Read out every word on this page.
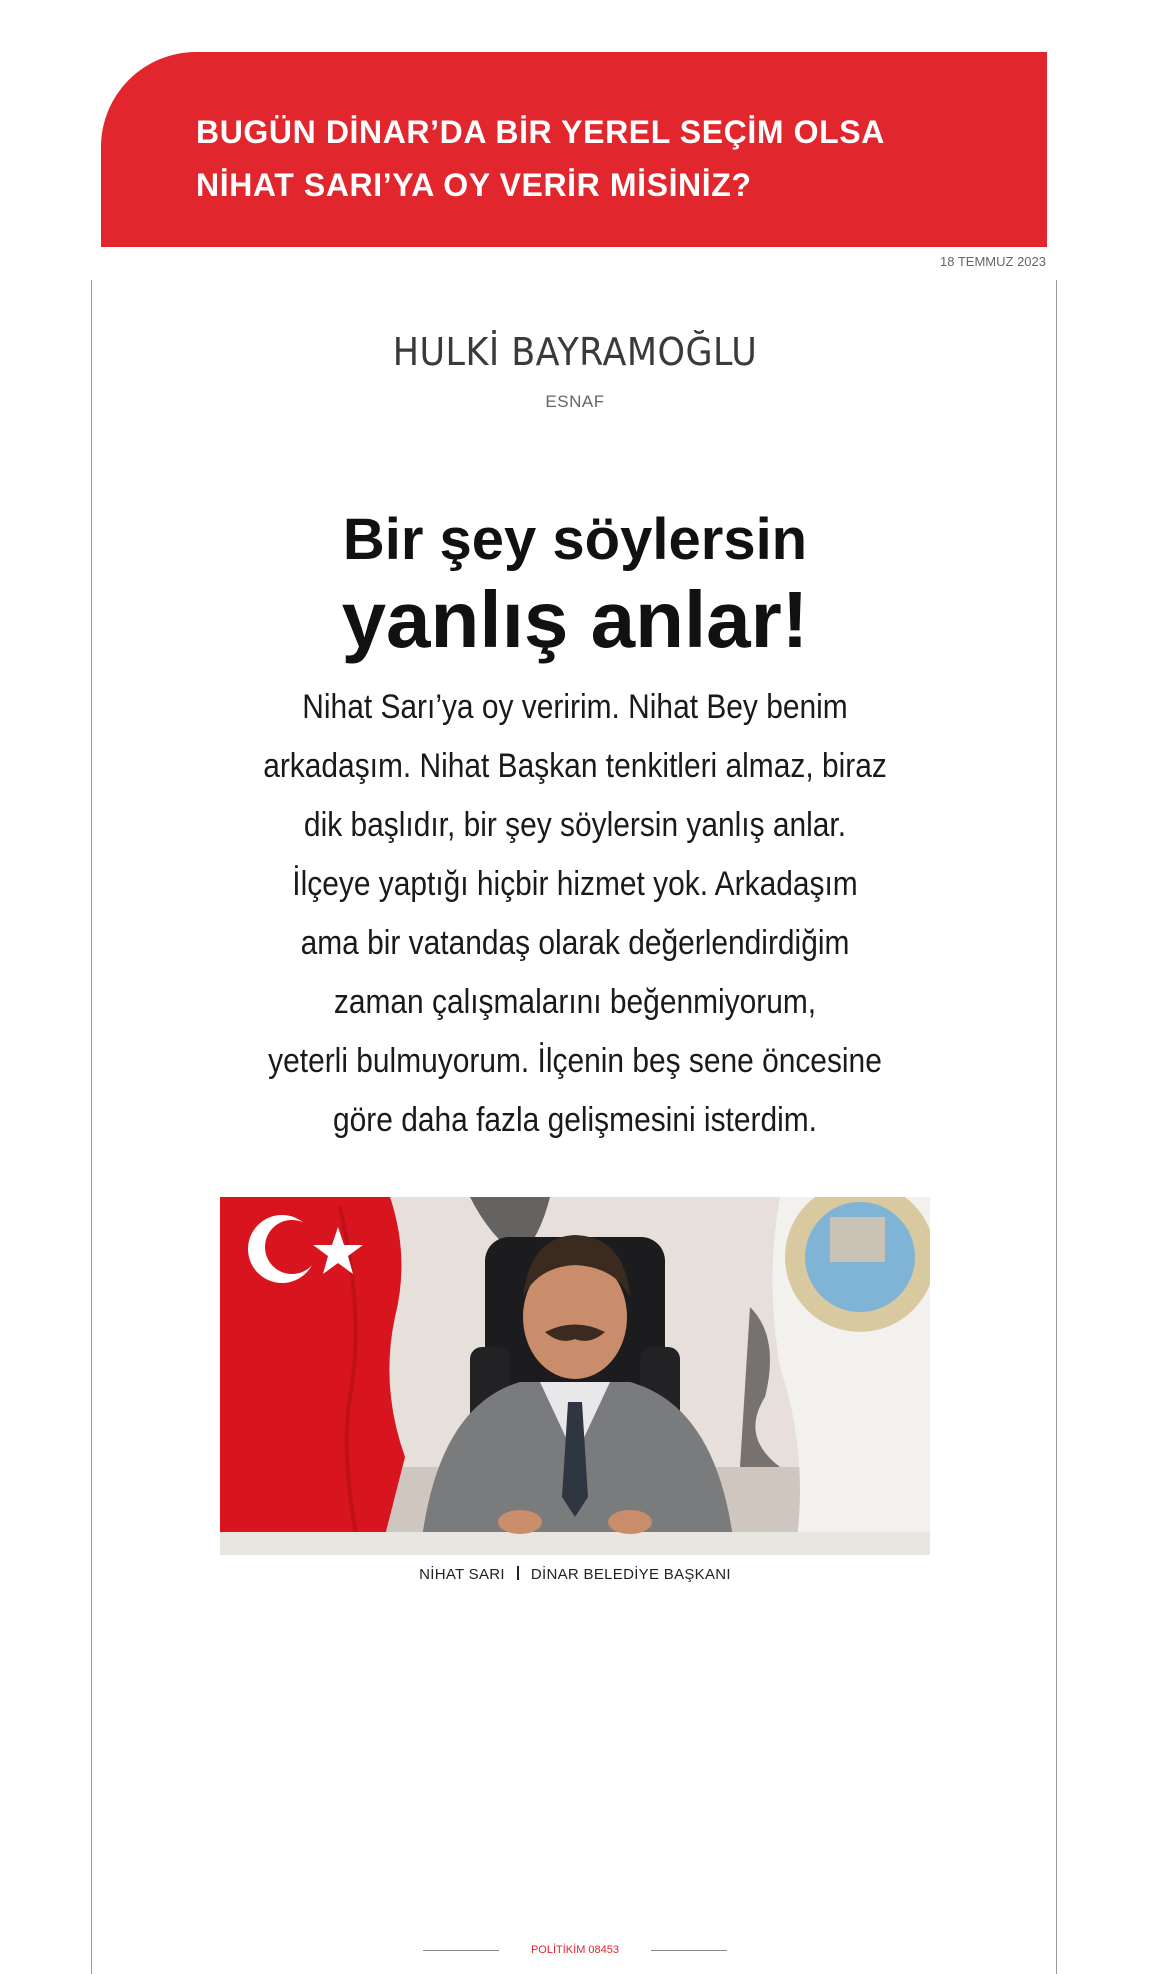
BUGÜN DİNAR’DA BİR YEREL SEÇİM OLSA
NİHAT SARI’YA OY VERİR MİSİNİZ?
18 TEMMUZ 2023
HULKİ BAYRAMOĞLU
ESNAF
Bir şey söylersin
yanlış anlar!
Nihat Sarı’ya oy veririm. Nihat Bey benim
arkadaşım. Nihat Başkan tenkitleri almaz, biraz
dik başlıdır, bir şey söylersin yanlış anlar.
İlçeye yaptığı hiçbir hizmet yok. Arkadaşım
ama bir vatandaş olarak değerlendirdiğim
zaman çalışmalarını beğenmiyorum,
yeterli bulmuyorum. İlçenin beş sene öncesine
göre daha fazla gelişmesini isterdim.
NİHAT SARI DİNAR BELEDİYE BAŞKANI
POLİTİKİM 08453
